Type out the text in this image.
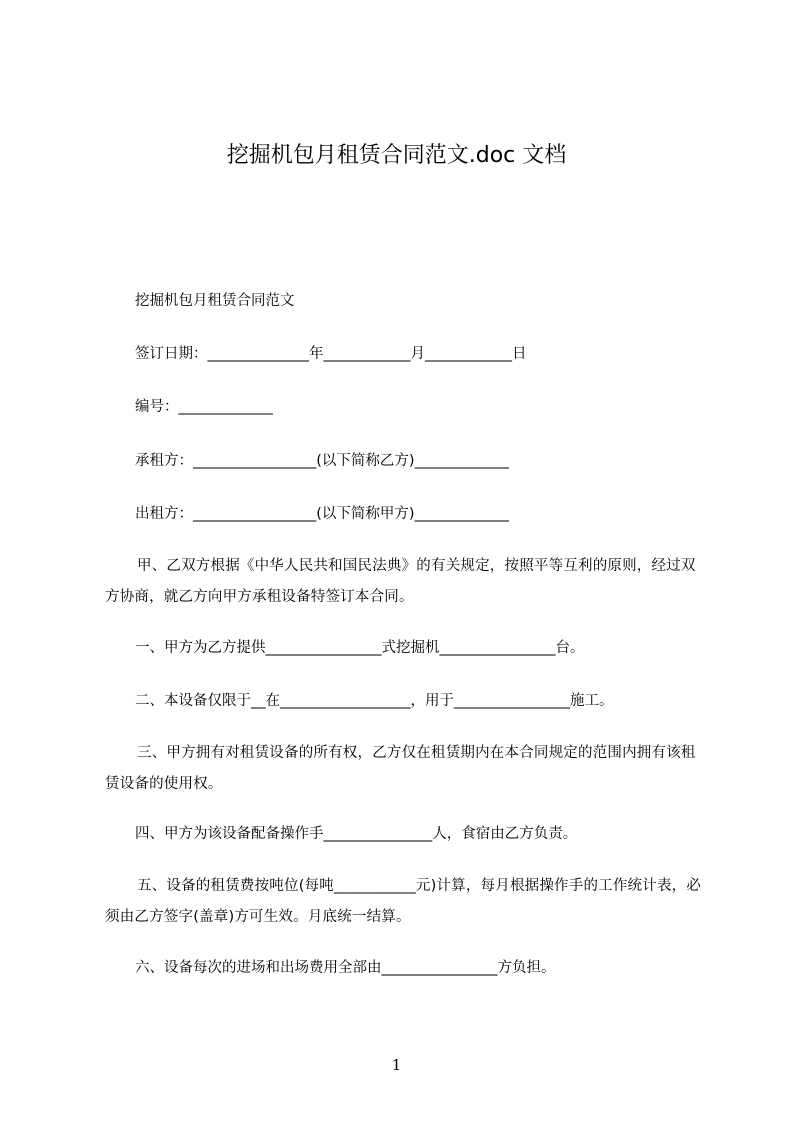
挖掘机包月租赁合同范文.doc 文档
挖掘机包月租赁合同范文
签订日期：______________年____________月____________日
编号：_____________
承租方：_________________(以下简称乙方)_____________
出租方：_________________(以下简称甲方)_____________
甲、乙双方根据《中华人民共和国民法典》的有关规定，按照平等互利的原则，经过双方协商，就乙方向甲方承租设备特签订本合同。
一、甲方为乙方提供________________式挖掘机________________台。
二、本设备仅限于__在__________________，用于________________施工。
三、甲方拥有对租赁设备的所有权，乙方仅在租赁期内在本合同规定的范围内拥有该租赁设备的使用权。
四、甲方为该设备配备操作手_______________人，食宿由乙方负责。
五、设备的租赁费按吨位(每吨___________元)计算，每月根据操作手的工作统计表，必须由乙方签字(盖章)方可生效。月底统一结算。
六、设备每次的进场和出场费用全部由________________方负担。
1
